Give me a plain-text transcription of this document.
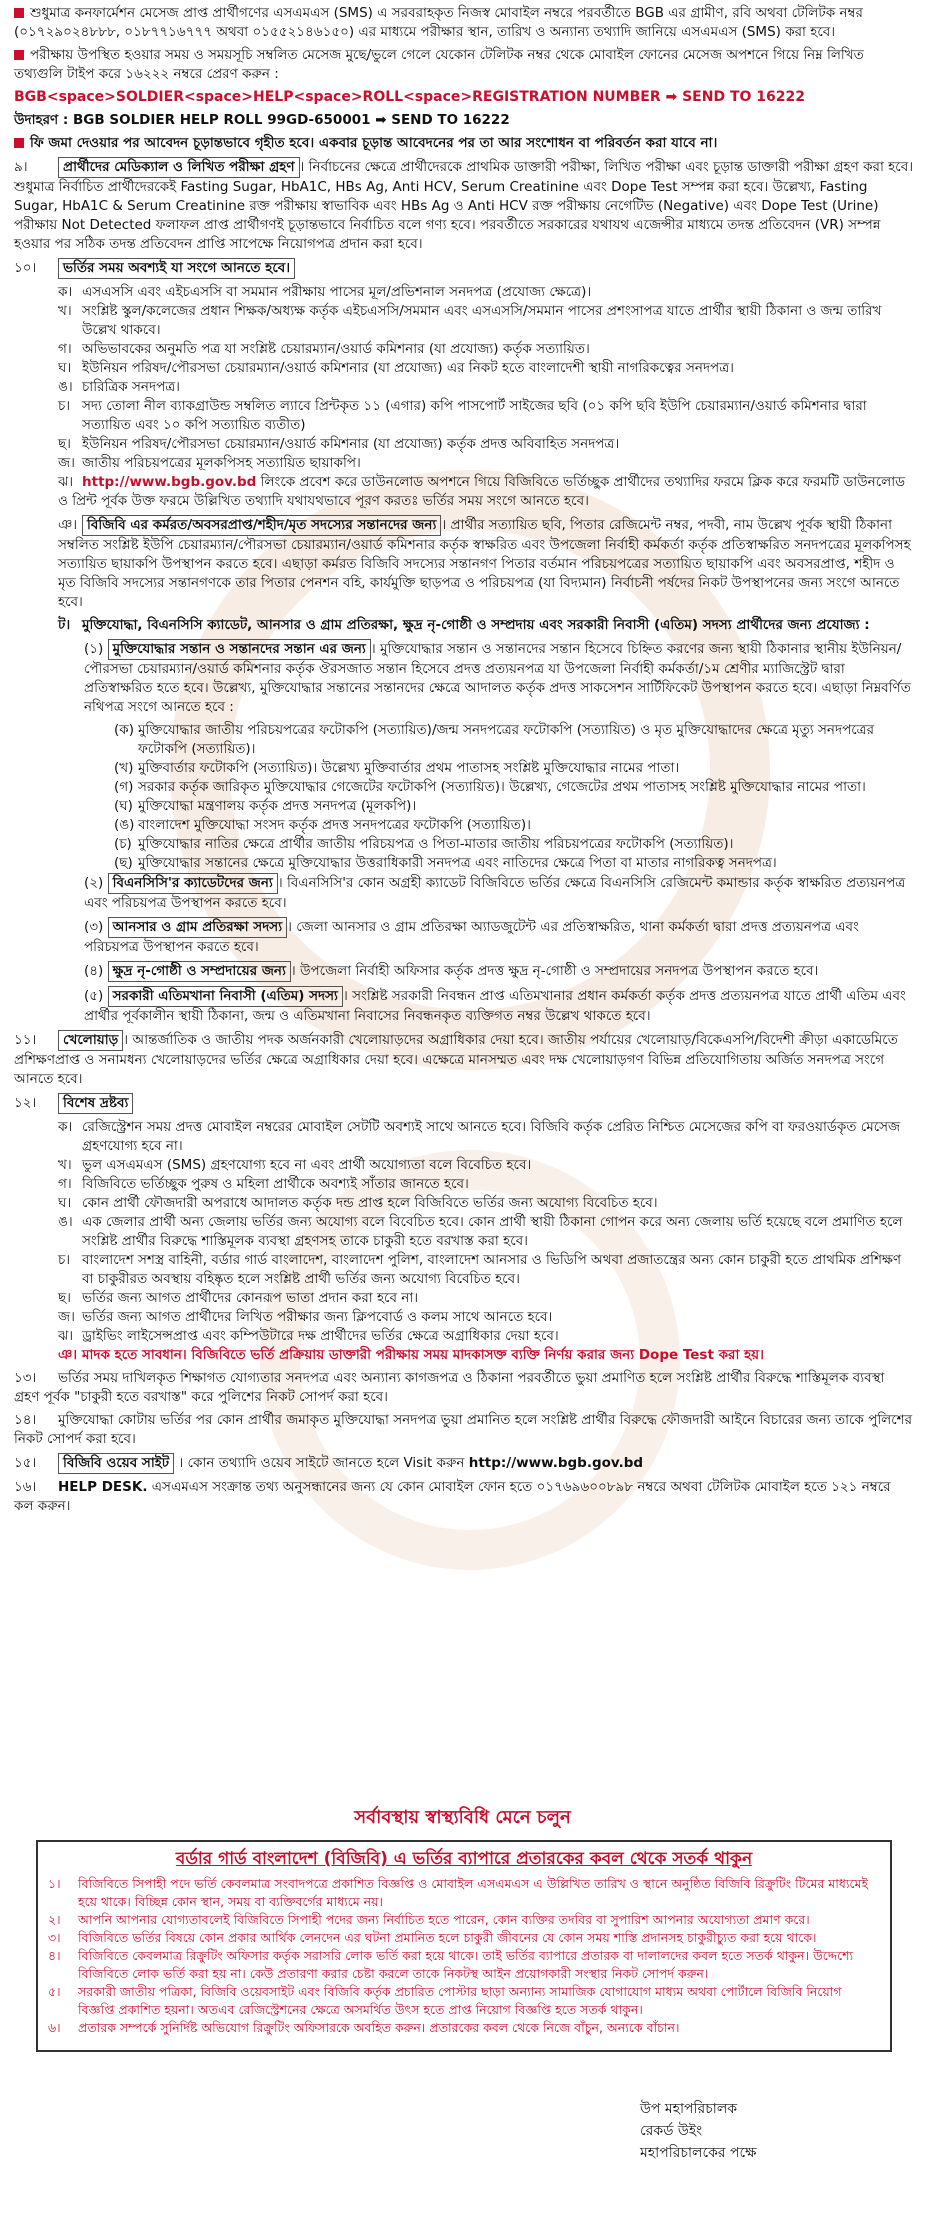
শুধুমাত্র কনফার্মেশন মেসেজ প্রাপ্ত প্রার্থীগণের এসএমএস (SMS) এ সরবরাহকৃত নিজস্ব মোবাইল নম্বরে পরবর্তীতে BGB এর গ্রামীণ, রবি অথবা টেলিটক নম্বর (০১৭২৯০২৪৮৮৮, ০১৮৭৭১৬৭৭৭ অথবা ০১৫৫২১৪৬১৫০) এর মাধ্যমে পরীক্ষার স্থান, তারিখ ও অন্যান্য তথ্যাদি জানিয়ে এসএমএস (SMS) করা হবে।

পরীক্ষায় উপস্থিত হওয়ার সময় ও সময়সূচি সম্বলিত মেসেজ মুছে/ভুলে গেলে যেকোন টেলিটক নম্বর থেকে মোবাইল ফোনের মেসেজ অপশনে গিয়ে নিম্ন লিখিত তথ্যগুলি টাইপ করে ১৬২২২ নম্বরে প্রেরণ করুন :

BGB<space>SOLDIER<space>HELP<space>ROLL<space>REGISTRATION NUMBER ➡ SEND TO 16222

উদাহরণ : BGB SOLDIER HELP ROLL 99GD-650001 ➡ SEND TO 16222

ফি জমা দেওয়ার পর আবেদন চূড়ান্তভাবে গৃহীত হবে। একবার চূড়ান্ত আবেদনের পর তা আর সংশোধন বা পরিবর্তন করা যাবে না।

৯।	প্রার্থীদের মেডিক্যাল ও লিখিত পরীক্ষা গ্রহণ । নির্বাচনের ক্ষেত্রে প্রার্থীদেরকে প্রাথমিক ডাক্তারী পরীক্ষা, লিখিত পরীক্ষা এবং চূড়ান্ত ডাক্তারী পরীক্ষা গ্রহণ করা হবে। শুধুমাত্র নির্বাচিত প্রার্থীদেরকেই Fasting Sugar, HbA1C, HBs Ag, Anti HCV, Serum Creatinine এবং Dope Test সম্পন্ন করা হবে। উল্লেখ্য, Fasting Sugar, HbA1C & Serum Creatinine রক্ত পরীক্ষায় স্বাভাবিক এবং HBs Ag ও Anti HCV রক্ত পরীক্ষায় নেগেটিভ (Negative) এবং Dope Test (Urine) পরীক্ষায় Not Detected ফলাফল প্রাপ্ত প্রার্থীগণই চূড়ান্তভাবে নির্বাচিত বলে গণ্য হবে। পরবর্তীতে সরকারের যথাযথ এজেন্সীর মাধ্যমে তদন্ত প্রতিবেদন (VR) সম্পন্ন হওয়ার পর সঠিক তদন্ত প্রতিবেদন প্রাপ্তি সাপেক্ষে নিয়োগপত্র প্রদান করা হবে।

১০। ভর্তির সময় অবশ্যই যা সংগে আনতে হবে।

ক। এসএসসি এবং এইচএসসি বা সমমান পরীক্ষায় পাসের মূল/প্রভিশনাল সনদপত্র (প্রযোজ্য ক্ষেত্রে)।
খ। সংশ্লিষ্ট স্কুল/কলেজের প্রধান শিক্ষক/অধ্যক্ষ কর্তৃক এইচএসসি/সমমান এবং এসএসসি/সমমান পাসের প্রশংসাপত্র যাতে প্রার্থীর স্থায়ী ঠিকানা ও জন্ম তারিখ উল্লেখ থাকবে।
গ। অভিভাবকের অনুমতি পত্র যা সংশ্লিষ্ট চেয়ারম্যান/ওয়ার্ড কমিশনার (যা প্রযোজ্য) কর্তৃক সত্যায়িত।
ঘ। ইউনিয়ন পরিষদ/পৌরসভা চেয়ারম্যান/ওয়ার্ড কমিশনার (যা প্রযোজ্য) এর নিকট হতে বাংলাদেশী স্থায়ী নাগরিকত্বের সনদপত্র।
ঙ। চারিত্রিক সনদপত্র।
চ। সদ্য তোলা নীল ব্যাকগ্রাউন্ড সম্বলিত ল্যাবে প্রিন্টকৃত ১১ (এগার) কপি পাসপোর্ট সাইজের ছবি (০১ কপি ছবি ইউপি চেয়ারম্যান/ওয়ার্ড কমিশনার দ্বারা সত্যায়িত এবং ১০ কপি সত্যায়িত ব্যতীত)
ছ। ইউনিয়ন পরিষদ/পৌরসভা চেয়ারম্যান/ওয়ার্ড কমিশনার (যা প্রযোজ্য) কর্তৃক প্রদত্ত অবিবাহিত সনদপত্র।
জ। জাতীয় পরিচয়পত্রের মূলকপিসহ সত্যায়িত ছায়াকপি।

ঝ। http://www.bgb.gov.bd লিংকে প্রবেশ করে ডাউনলোড অপশনে গিয়ে বিজিবিতে ভর্তিচ্ছুক প্রার্থীদের তথ্যাদির ফরমে ক্লিক করে ফরমটি ডাউনলোড ও প্রিন্ট পূর্বক উক্ত ফরমে উল্লিখিত তথ্যাদি যথাযথভাবে পূরণ করতঃ ভর্তির সময় সংগে আনতে হবে।

ঞ। বিজিবি এর কর্মরত/অবসরপ্রাপ্ত/শহীদ/মৃত সদস্যের সন্তানদের জন্য । প্রার্থীর সত্যায়িত ছবি, পিতার রেজিমেন্ট নম্বর, পদবী, নাম উল্লেখ পূর্বক স্থায়ী ঠিকানা সম্বলিত সংশ্লিষ্ট ইউপি চেয়ারম্যান/পৌরসভা চেয়ারম্যান/ওয়ার্ড কমিশনার কর্তৃক স্বাক্ষরিত এবং উপজেলা নির্বাহী কর্মকর্তা কর্তৃক প্রতিস্বাক্ষরিত সনদপত্রের মূলকপিসহ সত্যায়িত ছায়াকপি উপস্থাপন করতে হবে। এছাড়া কর্মরত বিজিবি সদস্যের সন্তানগণ পিতার বর্তমান পরিচয়পত্রের সত্যায়িত ছায়াকপি এবং অবসরপ্রাপ্ত, শহীদ ও মৃত বিজিবি সদস্যের সন্তানগণকে তার পিতার পেনশন বহি, কার্যমুক্তি ছাড়পত্র ও পরিচয়পত্র (যা বিদ্যমান) নির্বাচনী পর্ষদের নিকট উপস্থাপনের জন্য সংগে আনতে হবে।

ট। মুক্তিযোদ্ধা, বিএনসিসি ক্যাডেট, আনসার ও গ্রাম প্রতিরক্ষা, ক্ষুদ্র নৃ-গোষ্ঠী ও সম্প্রদায় এবং সরকারী নিবাসী (এতিম) সদস্য প্রার্থীদের জন্য প্রযোজ্য :

(১) মুক্তিযোদ্ধার সন্তান ও সন্তানদের সন্তান এর জন্য । মুক্তিযোদ্ধার সন্তান ও সন্তানদের সন্তান হিসেবে চিহ্নিত করণের জন্য স্থায়ী ঠিকানার স্থানীয় ইউনিয়ন/পৌরসভা চেয়ারম্যান/ওয়ার্ড কমিশনার কর্তৃক ঔরসজাত সন্তান হিসেবে প্রদত্ত প্রত্যয়নপত্র যা উপজেলা নির্বাহী কর্মকর্তা/১ম শ্রেণীর ম্যাজিস্ট্রেট দ্বারা প্রতিস্বাক্ষরিত হতে হবে। উল্লেখ্য, মুক্তিযোদ্ধার সন্তানের সন্তানদের ক্ষেত্রে আদালত কর্তৃক প্রদত্ত সাকসেশন সার্টিফিকেট উপস্থাপন করতে হবে। এছাড়া নিম্নবর্ণিত নথিপত্র সংগে আনতে হবে :

(ক) মুক্তিযোদ্ধার জাতীয় পরিচয়পত্রের ফটোকপি (সত্যায়িত)/জন্ম সনদপত্রের ফটোকপি (সত্যায়িত) ও মৃত মুক্তিযোদ্ধাদের ক্ষেত্রে মৃত্যু সনদপত্রের ফটোকপি (সত্যায়িত)।
(খ) মুক্তিবার্তার ফটোকপি (সত্যায়িত)। উল্লেখ্য মুক্তিবার্তার প্রথম পাতাসহ সংশ্লিষ্ট মুক্তিযোদ্ধার নামের পাতা।
(গ) সরকার কর্তৃক জারিকৃত মুক্তিযোদ্ধার গেজেটের ফটোকপি (সত্যায়িত)। উল্লেখ্য, গেজেটের প্রথম পাতাসহ সংশ্লিষ্ট মুক্তিযোদ্ধার নামের পাতা।
(ঘ) মুক্তিযোদ্ধা মন্ত্রণালয় কর্তৃক প্রদত্ত সনদপত্র (মূলকপি)।
(ঙ) বাংলাদেশ মুক্তিযোদ্ধা সংসদ কর্তৃক প্রদত্ত সনদপত্রের ফটোকপি (সত্যায়িত)।
(চ) মুক্তিযোদ্ধার নাতির ক্ষেত্রে প্রার্থীর জাতীয় পরিচয়পত্র ও পিতা-মাতার জাতীয় পরিচয়পত্রের ফটোকপি (সত্যায়িত)।
(ছ) মুক্তিযোদ্ধার সন্তানের ক্ষেত্রে মুক্তিযোদ্ধার উত্তরাধিকারী সনদপত্র এবং নাতিদের ক্ষেত্রে পিতা বা মাতার নাগরিকত্ব সনদপত্র।

(২) বিএনসিসি'র ক্যাডেটদের জন্য । বিএনসিসি'র কোন অগ্রহী ক্যাডেট বিজিবিতে ভর্তির ক্ষেত্রে বিএনসিসি রেজিমেন্ট কমান্ডার কর্তৃক স্বাক্ষরিত প্রত্যয়নপত্র এবং পরিচয়পত্র উপস্থাপন করতে হবে।

(৩) আনসার ও গ্রাম প্রতিরক্ষা সদস্য । জেলা আনসার ও গ্রাম প্রতিরক্ষা অ্যাডজুটেন্ট এর প্রতিস্বাক্ষরিত, থানা কর্মকর্তা দ্বারা প্রদত্ত প্রত্যয়নপত্র এবং পরিচয়পত্র উপস্থাপন করতে হবে।

(৪) ক্ষুদ্র নৃ-গোষ্ঠী ও সম্প্রদায়ের জন্য । উপজেলা নির্বাহী অফিসার কর্তৃক প্রদত্ত ক্ষুদ্র নৃ-গোষ্ঠী ও সম্প্রদায়ের সনদপত্র উপস্থাপন করতে হবে।

(৫) সরকারী এতিমখানা নিবাসী (এতিম) সদস্য । সংশ্লিষ্ট সরকারী নিবন্ধন প্রাপ্ত এতিমখানার প্রধান কর্মকর্তা কর্তৃক প্রদত্ত প্রত্যয়নপত্র যাতে প্রার্থী এতিম এবং প্রার্থীর পূর্বকালীন স্থায়ী ঠিকানা, জন্ম ও এতিমখানা নিবাসের নিবন্ধনকৃত ব্যক্তিগত নম্বর উল্লেখ থাকতে হবে।

১১। খেলোয়াড় । আন্তর্জাতিক ও জাতীয় পদক অর্জনকারী খেলোয়াড়দের অগ্রাধিকার দেয়া হবে। জাতীয় পর্যায়ের খেলোয়াড়/বিকেএসপি/বিদেশী ক্রীড়া একাডেমিতে প্রশিক্ষণপ্রাপ্ত ও সনামধন্য খেলোয়াড়দের ভর্তির ক্ষেত্রে অগ্রাধিকার দেয়া হবে। এক্ষেত্রে মানসম্মত এবং দক্ষ খেলোয়াড়গণ বিভিন্ন প্রতিযোগিতায় অর্জিত সনদপত্র সংগে আনতে হবে।

১২। বিশেষ দ্রষ্টব্য

ক। রেজিস্ট্রেশন সময় প্রদত্ত মোবাইল নম্বরের মোবাইল সেটটি অবশ্যই সাথে আনতে হবে। বিজিবি কর্তৃক প্রেরিত নিশ্চিত মেসেজের কপি বা ফরওয়ার্ডকৃত মেসেজ গ্রহণযোগ্য হবে না।
খ। ভুল এসএমএস (SMS) গ্রহণযোগ্য হবে না এবং প্রার্থী অযোগ্যতা বলে বিবেচিত হবে।
গ। বিজিবিতে ভর্তিচ্ছুক পুরুষ ও মহিলা প্রার্থীকে অবশ্যই সাঁতার জানতে হবে।
ঘ। কোন প্রার্থী ফৌজদারী অপরাধে আদালত কর্তৃক দন্ড প্রাপ্ত হলে বিজিবিতে ভর্তির জন্য অযোগ্য বিবেচিত হবে।
ঙ। এক জেলার প্রার্থী অন্য জেলায় ভর্তির জন্য অযোগ্য বলে বিবেচিত হবে। কোন প্রার্থী স্থায়ী ঠিকানা গোপন করে অন্য জেলায় ভর্তি হয়েছে বলে প্রমাণিত হলে সংশ্লিষ্ট প্রার্থীর বিরুদ্ধে শাস্তিমূলক ব্যবস্থা গ্রহণসহ তাকে চাকুরী হতে বরখাস্ত করা হবে।
চ। বাংলাদেশ সশস্ত্র বাহিনী, বর্ডার গার্ড বাংলাদেশ, বাংলাদেশ পুলিশ, বাংলাদেশ আনসার ও ভিডিপি অথবা প্রজাতন্ত্রের অন্য কোন চাকুরী হতে প্রাথমিক প্রশিক্ষণ বা চাকুরীরত অবস্থায় বহিষ্কৃত হলে সংশ্লিষ্ট প্রার্থী ভর্তির জন্য অযোগ্য বিবেচিত হবে।
ছ। ভর্তির জন্য আগত প্রার্থীদের কোনরূপ ভাতা প্রদান করা হবে না।
জ। ভর্তির জন্য আগত প্রার্থীদের লিখিত পরীক্ষার জন্য ক্লিপবোর্ড ও কলম সাথে আনতে হবে।
ঝ। ড্রাইভিং লাইসেন্সপ্রাপ্ত এবং কম্পিউটারে দক্ষ প্রার্থীদের ভর্তির ক্ষেত্রে অগ্রাধিকার দেয়া হবে।

ঞ। মাদক হতে সাবধান। বিজিবিতে ভর্তি প্রক্রিয়ায় ডাক্তারী পরীক্ষায় সময় মাদকাসক্ত ব্যক্তি নির্ণয় করার জন্য Dope Test করা হয়।

১৩। ভর্তির সময় দাখিলকৃত শিক্ষাগত যোগ্যতার সনদপত্র এবং অন্যান্য কাগজপত্র ও ঠিকানা পরবর্তীতে ভুয়া প্রমাণিত হলে সংশ্লিষ্ট প্রার্থীর বিরুদ্ধে শাস্তিমূলক ব্যবস্থা গ্রহণ পূর্বক "চাকুরী হতে বরখাস্ত" করে পুলিশের নিকট সোপর্দ করা হবে।

১৪। মুক্তিযোদ্ধা কোটায় ভর্তির পর কোন প্রার্থীর জমাকৃত মুক্তিযোদ্ধা সনদপত্র ভুয়া প্রমানিত হলে সংশ্লিষ্ট প্রার্থীর বিরুদ্ধে ফৌজদারী আইনে বিচারের জন্য তাকে পুলিশের নিকট সোপর্দ করা হবে।

১৫। বিজিবি ওয়েব সাইট । কোন তথ্যাদি ওয়েব সাইটে জানতে হলে Visit করুন http://www.bgb.gov.bd

১৬। HELP DESK. এসএমএস সংক্রান্ত তথ্য অনুসন্ধানের জন্য যে কোন মোবাইল ফোন হতে ০১৭৬৯৬০০৮৯৮ নম্বরে অথবা টেলিটক মোবাইল হতে ১২১ নম্বরে কল করুন।

সর্বাবস্থায় স্বাস্থ্যবিধি মেনে চলুন
বর্ডার গার্ড বাংলাদেশ (বিজিবি) এ ভর্তির ব্যাপারে প্রতারকের কবল থেকে সতর্ক থাকুন
১।	বিজিবিতে সিপাহী পদে ভর্তি কেবলমাত্র সংবাদপত্রে প্রকাশিত বিজ্ঞপ্তি ও মোবাইল এসএমএস এ উল্লিখিত তারিখ ও স্থানে অনুষ্ঠিত বিজিবি রিক্রুটিং টিমের মাধ্যমেই হয়ে থাকে। বিচ্ছিন্ন কোন স্থান, সময় বা ব্যক্তিবর্গের মাধ্যমে নয়।
২।	আপনি আপনার যোগ্যতাবলেই বিজিবিতে সিপাহী পদের জন্য নির্বাচিত হতে পারেন, কোন ব্যক্তির তদবির বা সুপারিশ আপনার অযোগ্যতা প্রমাণ করে।
৩।	বিজিবিতে ভর্তির বিষয়ে কোন প্রকার আর্থিক লেনদেন এর ঘটনা প্রমানিত হলে চাকুরী জীবনের যে কোন সময় শাস্তি প্রদানসহ চাকুরীচ্যুত করা হয়ে থাকে।
৪।	বিজিবিতে কেবলমাত্র রিক্রুটিং অফিসার কর্তৃক সরাসরি লোক ভর্তি করা হয়ে থাকে। তাই ভর্তির ব্যাপারে প্রতারক বা দালালদের কবল হতে সতর্ক থাকুন। উদ্দেশ্যে বিজিবিতে লোক ভর্তি করা হয় না। কেউ প্রতারণা করার চেষ্টা করলে তাকে নিকটস্থ আইন প্রয়োগকারী সংস্থার নিকট সোপর্দ করুন।
৫।	সরকারী জাতীয় পত্রিকা, বিজিবি ওয়েবসাইট এবং বিজিবি কর্তৃক প্রচারিত পোস্টার ছাড়া অন্যান্য সামাজিক যোগাযোগ মাধ্যম অথবা পোর্টালে বিজিবি নিয়োগ বিজ্ঞপ্তি প্রকাশিত হয়না। অতএব রেজিস্ট্রেশনের ক্ষেত্রে অসমর্থিত উৎস হতে প্রাপ্ত নিয়োগ বিজ্ঞপ্তি হতে সতর্ক থাকুন।
৬।	প্রতারক সম্পর্কে সুনির্দিষ্ট অভিযোগ রিক্রুটিং অফিসারকে অবহিত করুন। প্রতারকের কবল থেকে নিজে বাঁচুন, অন্যকে বাঁচান।
উপ মহাপরিচালক
রেকর্ড উইং
মহাপরিচালকের পক্ষে
